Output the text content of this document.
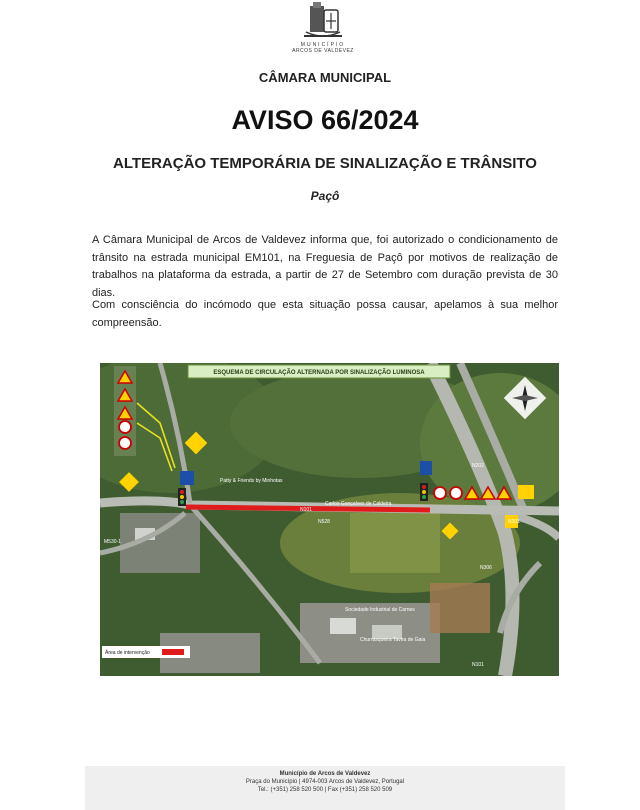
MUNICÍPIO
ARCOS DE VALDEVEZ
CÂMARA MUNICIPAL
AVISO 66/2024
ALTERAÇÃO TEMPORÁRIA DE SINALIZAÇÃO E TRÂNSITO
Paçô

A Câmara Municipal de Arcos de Valdevez informa que, foi autorizado o condicionamento de trânsito na estrada municipal EM101, na Freguesia de Paçô por motivos de realização de trabalhos na plataforma da estrada, a partir de 27 de Setembro com duração prevista de 30 dias.

Com consciência do incómodo que esta situação possa causar, apelamos à sua melhor compreensão.

ESQUEMA DE CIRCULAÇÃO ALTERNADA POR SINALIZAÇÃO LUMINOSA
N101
N101
N101
N202
N306
M530-1
N528
Patty & Friends by Minhotas
Carlos Gonçalves de Caldeira
Sociedade Industrial de Carnes
Churrasqueira Tavira de Gaia
Área de intervenção
Município de Arcos de Valdevez
Praça do Município | 4974-003 Arcos de Valdevez, Portugal
Tel.: (+351) 258 520 500 | Fax (+351) 258 520 509
